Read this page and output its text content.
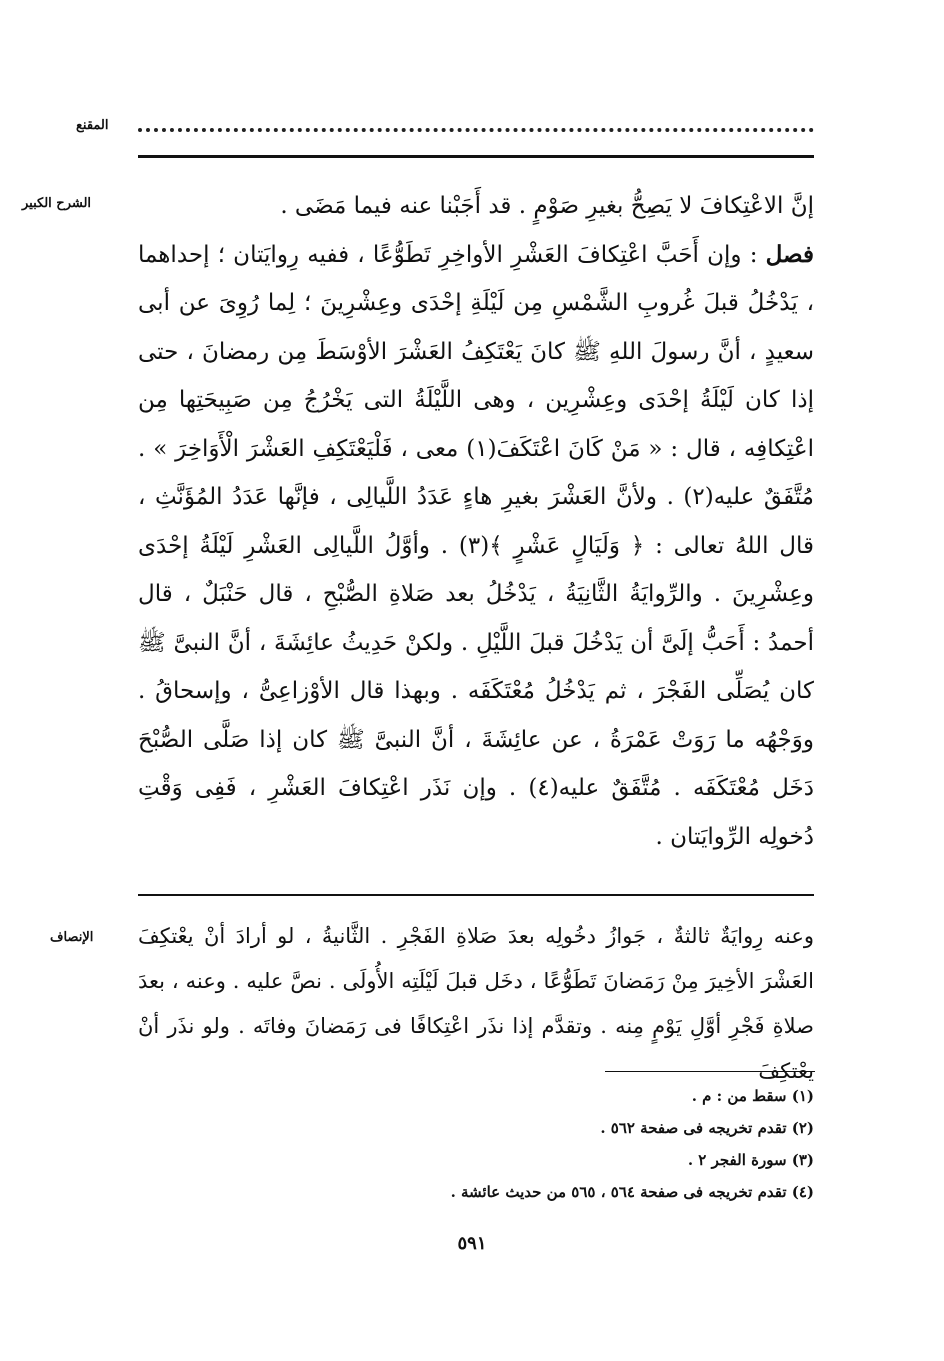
المقنع
الشرح الكبير	إنَّ الاعْتِكافَ لا يَصِحُّ بغيرِ صَوْمٍ . قد أَجَبْنا عنه فيما مَضَى .

فصل : وإن أَحَبَّ اعْتِكافَ العَشْرِ الأواخِرِ تَطَوُّعًا ، ففيه رِوايَتان ؛ إحداهما ، يَدْخُلُ قبلَ غُروبِ الشَّمْسِ مِن لَيْلَةِ إحْدَى وعِشْرِينَ ؛ لِما رُوِىَ عن أبى سعيدٍ ، أنَّ رسولَ اللهِ ﷺ كانَ يَعْتَكِفُ العَشْرَ الأوْسَطَ مِن رمضانَ ، حتى إذا كان لَيْلَةُ إحْدَى وعِشْرِين ، وهى اللَّيْلَةُ التى يَخْرُجُ مِن صَبِيحَتِها مِن اعْتِكافِه ، قال : « مَنْ كَانَ اعْتَكَفَ(١) معى ، فَلْيَعْتَكِفِ العَشْرَ الْأَوَاخِرَ » . مُتَّفَقٌ عليه(٢) . ولأنَّ العَشْرَ بغيرِ هاءٍ عَدَدُ اللَّيالِى ، فإنَّها عَدَدُ المُؤَنَّثِ ، قال اللهُ تعالى : ﴿ وَلَيَالٍ عَشْرٍ ﴾(٣) . وأوَّلُ اللَّيالِى العَشْرِ لَيْلَةُ إحْدَى وعِشْرِينَ . والرِّوايَةُ الثَّانِيَةُ ، يَدْخُلُ بعد صَلاةِ الصُّبْحِ ، قال حَنْبَلٌ ، قال أحمدُ : أَحَبُّ إلَىَّ أن يَدْخُلَ قبلَ اللَّيْلِ . ولكنْ حَدِيثُ عائِشَةَ ، أنَّ النبىَّ ﷺ كان يُصَلِّى الفَجْرَ ، ثم يَدْخُلُ مُعْتَكَفَه . وبهذا قال الأوْزاعِىُّ ، وإسحاقُ . ووَجْهُه ما رَوَتْ عَمْرَةُ ، عن عائِشَةَ ، أنَّ النبىَّ ﷺ كان إذا صَلَّى الصُّبْحَ دَخَل مُعْتَكَفَه . مُتَّفَقٌ عليه(٤) . وإن نَذَر اعْتِكافَ العَشْرِ ، فَفِى وَقْتِ دُخولِه الرِّوايَتان .

الإنصاف وعنه رِوايَةٌ ثالثةٌ ، جَوازُ دخُولِه بعدَ صَلاةِ الفَجْرِ . الثَّانيةُ ، لو أرادَ أنْ يعْتكِفَ العَشْرَ الأخِيرَ مِنْ رَمَضانَ تَطَوُّعًا ، دخَل قبلَ لَيْلَتِه الأُولَى . نصَّ عليه . وعنه ، بعدَ صلاةِ فَجْرِ أوَّلِ يَوْمٍ مِنه . وتقدَّم إذا نذَر اعْتِكافًا فى رَمَضانَ وفاتَه . ولو نذَر أنْ يعْتكِفَ
(١) سقط من : م .
(٢) تقدم تخريجه فى صفحة ٥٦٢ .
(٣) سورة الفجر ٢ .
(٤) تقدم تخريجه فى صفحة ٥٦٤ ، ٥٦٥ من حديث عائشة .
٥٩١
